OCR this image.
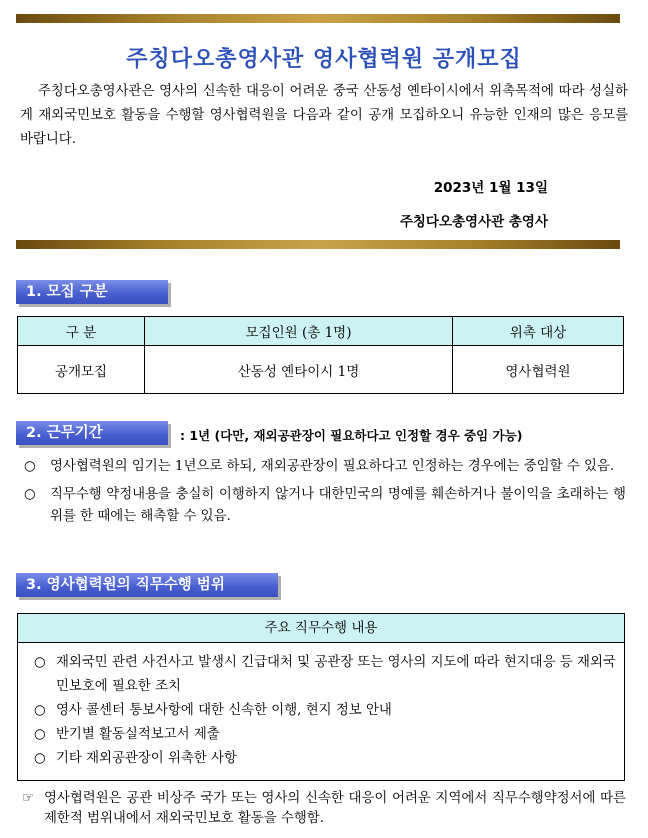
주칭다오총영사관 영사협력원 공개모집
주칭다오총영사관은 영사의 신속한 대응이 어려운 중국 산동성 옌타이시에서 위촉목적에 따라 성실하게 재외국민보호 활동을 수행할 영사협력원을 다음과 같이 공개 모집하오니 유능한 인재의 많은 응모를 바랍니다.
2023년 1월 13일
주칭다오총영사관 총영사
1. 모집 구분
구 분	모집인원 (총 1명)	위촉 대상
공개모집	산동성 옌타이시 1명	영사협력원
2. 근무기간	: 1년 (다만, 재외공관장이 필요하다고 인정할 경우 중임 가능)
○ 영사협력원의 임기는 1년으로 하되, 재외공관장이 필요하다고 인정하는 경우에는 중임할 수 있음.
○ 직무수행 약정내용을 충실히 이행하지 않거나 대한민국의 명예를 훼손하거나 불이익을 초래하는 행위를 한 때에는 해촉할 수 있음.
3. 영사협력원의 직무수행 범위
주요 직무수행 내용
○ 재외국민 관련 사건사고 발생시 긴급대처 및 공관장 또는 영사의 지도에 따라 현지대응 등 재외국민보호에 필요한 조치
○ 영사 콜센터 통보사항에 대한 신속한 이행, 현지 정보 안내
○ 반기별 활동실적보고서 제출
○ 기타 재외공관장이 위촉한 사항
☞ 영사협력원은 공관 비상주 국가 또는 영사의 신속한 대응이 어려운 지역에서 직무수행약정서에 따른 제한적 범위내에서 재외국민보호 활동을 수행함.
